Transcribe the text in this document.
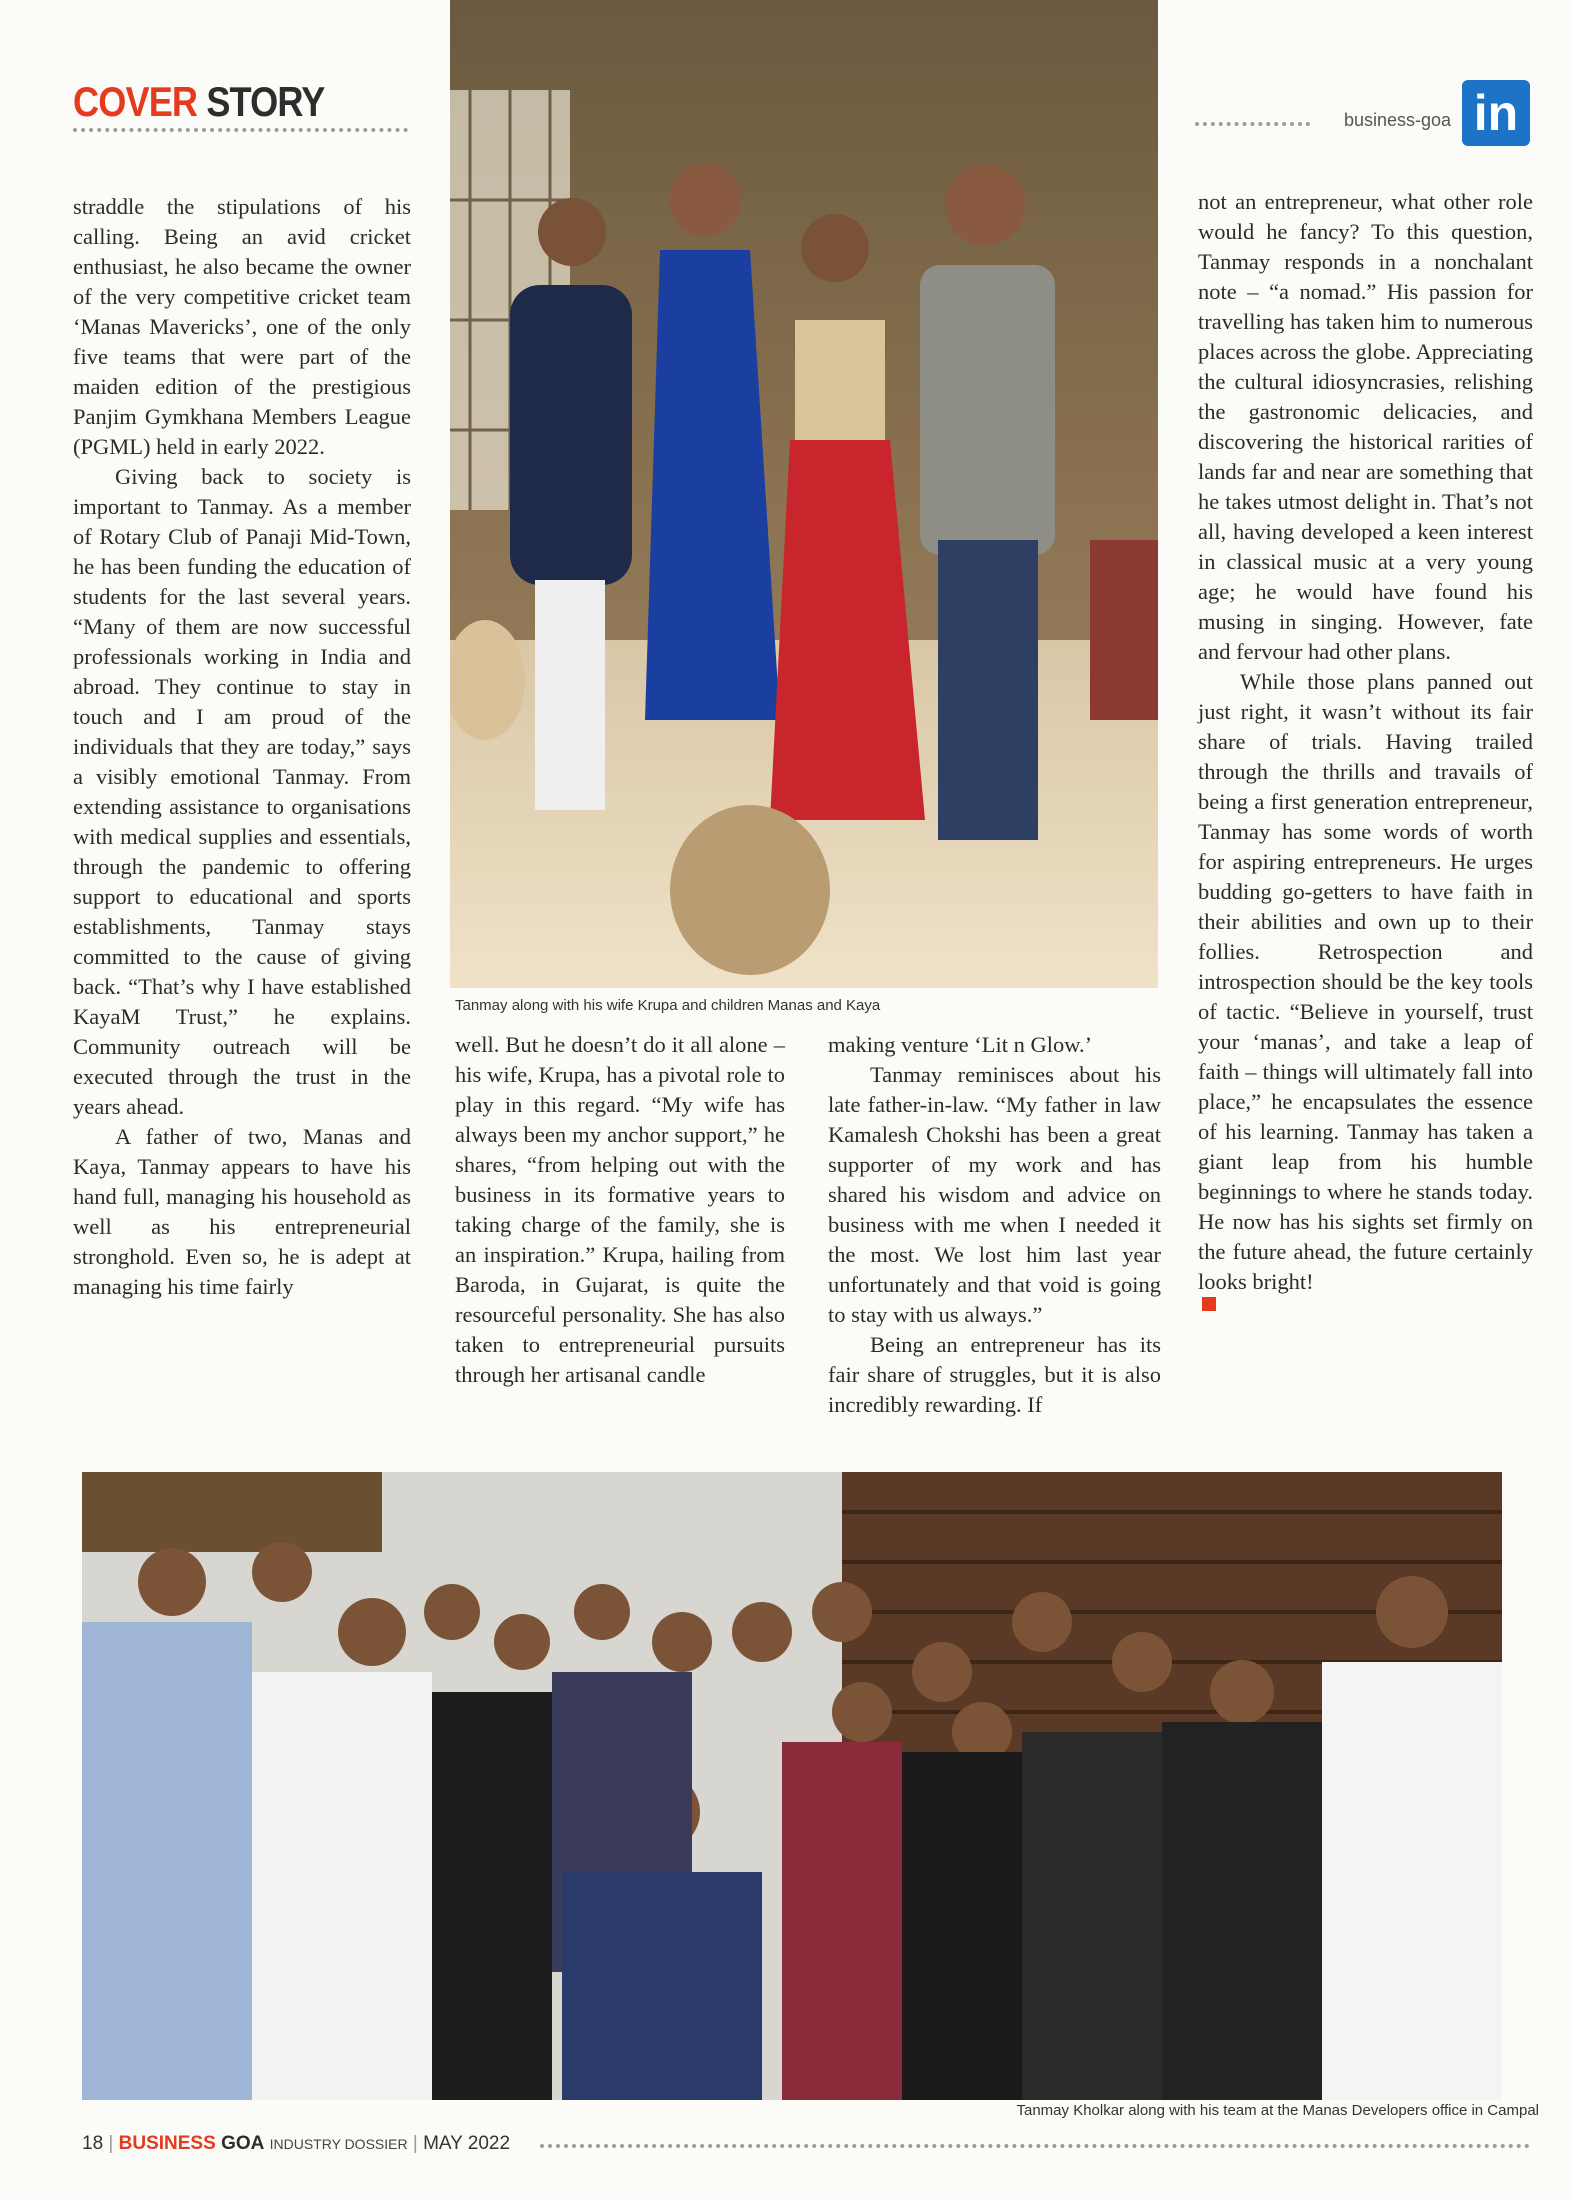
COVER STORY	business-goa in
Tanmay along with his wife Krupa and children Manas and Kaya

straddle the stipulations of his calling. Being an avid cricket enthusiast, he also became the owner of the very competitive cricket team ‘Manas Mavericks’, one of the only five teams that were part of the maiden edition of the prestigious Panjim Gymkhana Members League (PGML) held in early 2022.

Giving back to society is important to Tanmay. As a member of Rotary Club of Panaji Mid-Town, he has been funding the education of students for the last several years. “Many of them are now successful professionals working in India and abroad. They continue to stay in touch and I am proud of the individuals that they are today,” says a visibly emotional Tanmay. From extending assistance to organisations with medical supplies and essentials, through the pandemic to offering support to educational and sports establishments, Tanmay stays committed to the cause of giving back. “That’s why I have established KayaM Trust,” he explains. Community outreach will be executed through the trust in the years ahead.

A father of two, Manas and Kaya, Tanmay appears to have his hand full, managing his household as well as his entrepreneurial stronghold. Even so, he is adept at managing his time fairly

well. But he doesn’t do it all alone – his wife, Krupa, has a pivotal role to play in this regard. “My wife has always been my anchor support,” he shares, “from helping out with the business in its formative years to taking charge of the family, she is an inspiration.” Krupa, hailing from Baroda, in Gujarat, is quite the resourceful personality. She has also taken to entrepreneurial pursuits through her artisanal candle

making venture ‘Lit n Glow.’

Tanmay reminisces about his late father-in-law. “My father in law Kamalesh Chokshi has been a great supporter of my work and has shared his wisdom and advice on business with me when I needed it the most. We lost him last year unfortunately and that void is going to stay with us always.”

Being an entrepreneur has its fair share of struggles, but it is also incredibly rewarding. If

not an entrepreneur, what other role would he fancy? To this question, Tanmay responds in a nonchalant note – “a nomad.” His passion for travelling has taken him to numerous places across the globe. Appreciating the cultural idiosyncrasies, relishing the gastronomic delicacies, and discovering the historical rarities of lands far and near are something that he takes utmost delight in. That’s not all, having developed a keen interest in classical music at a very young age; he would have found his musing in singing. However, fate and fervour had other plans.

While those plans panned out just right, it wasn’t without its fair share of trials. Having trailed through the thrills and travails of being a first generation entrepreneur, Tanmay has some words of worth for aspiring entrepreneurs. He urges budding go-getters to have faith in their abilities and own up to their follies. Retrospection and introspection should be the key tools of tactic. “Believe in yourself, trust your ‘manas’, and take a leap of faith – things will ultimately fall into place,” he encapsulates the essence of his learning. Tanmay has taken a giant leap from his humble beginnings to where he stands today. He now has his sights set firmly on the future ahead, the future certainly looks bright!

Tanmay Kholkar along with his team at the Manas Developers office in Campal
18 | BUSINESS GOA INDUSTRY DOSSIER | MAY 2022
